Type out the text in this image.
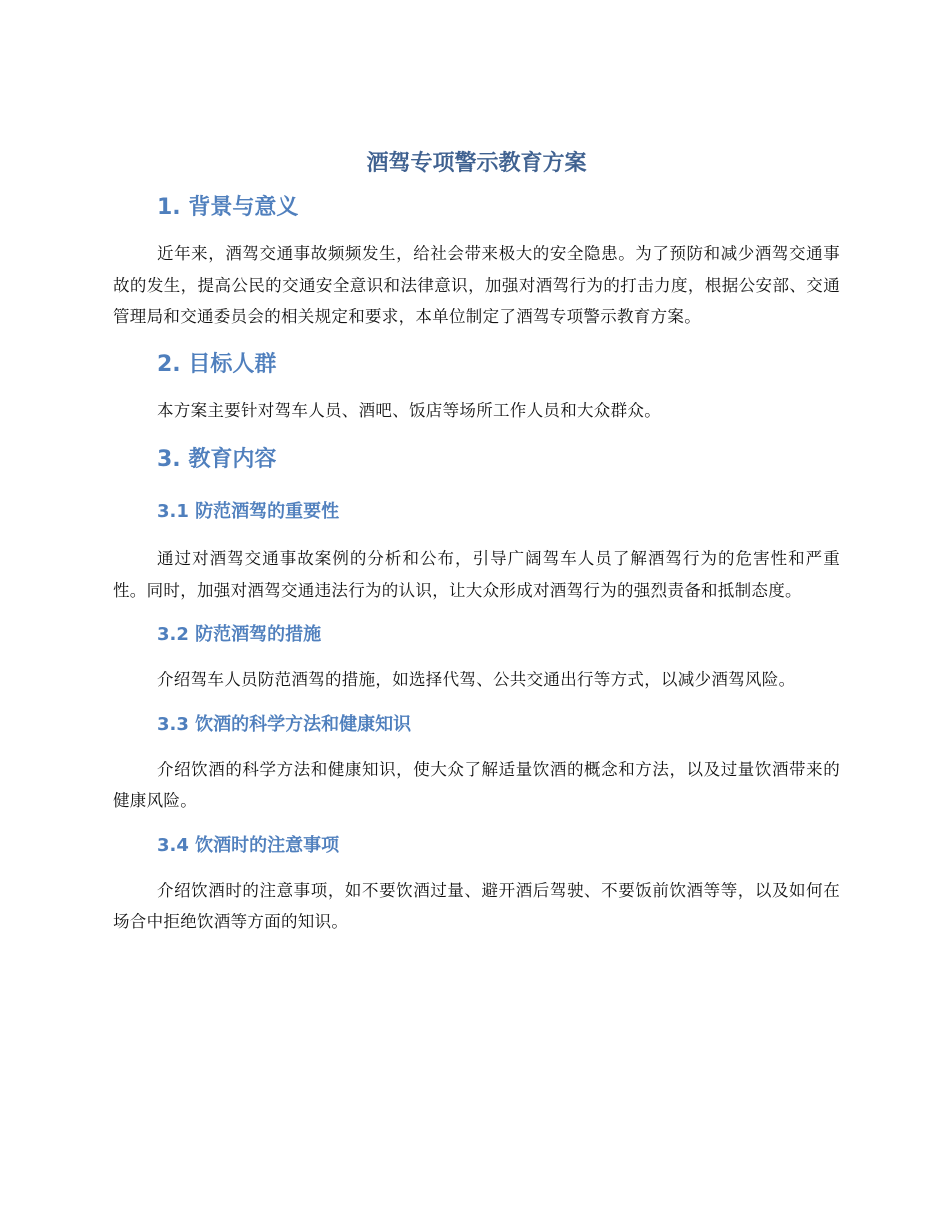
酒驾专项警示教育方案
1. 背景与意义

近年来，酒驾交通事故频频发生，给社会带来极大的安全隐患。为了预防和减少酒驾交通事故的发生，提高公民的交通安全意识和法律意识，加强对酒驾行为的打击力度，根据公安部、交通管理局和交通委员会的相关规定和要求，本单位制定了酒驾专项警示教育方案。

2. 目标人群

本方案主要针对驾车人员、酒吧、饭店等场所工作人员和大众群众。

3. 教育内容
3.1 防范酒驾的重要性

通过对酒驾交通事故案例的分析和公布，引导广阔驾车人员了解酒驾行为的危害性和严重性。同时，加强对酒驾交通违法行为的认识，让大众形成对酒驾行为的强烈责备和抵制态度。

3.2 防范酒驾的措施

介绍驾车人员防范酒驾的措施，如选择代驾、公共交通出行等方式，以减少酒驾风险。

3.3 饮酒的科学方法和健康知识

介绍饮酒的科学方法和健康知识，使大众了解适量饮酒的概念和方法，以及过量饮酒带来的健康风险。

3.4 饮酒时的注意事项

介绍饮酒时的注意事项，如不要饮酒过量、避开酒后驾驶、不要饭前饮酒等等，以及如何在场合中拒绝饮酒等方面的知识。
